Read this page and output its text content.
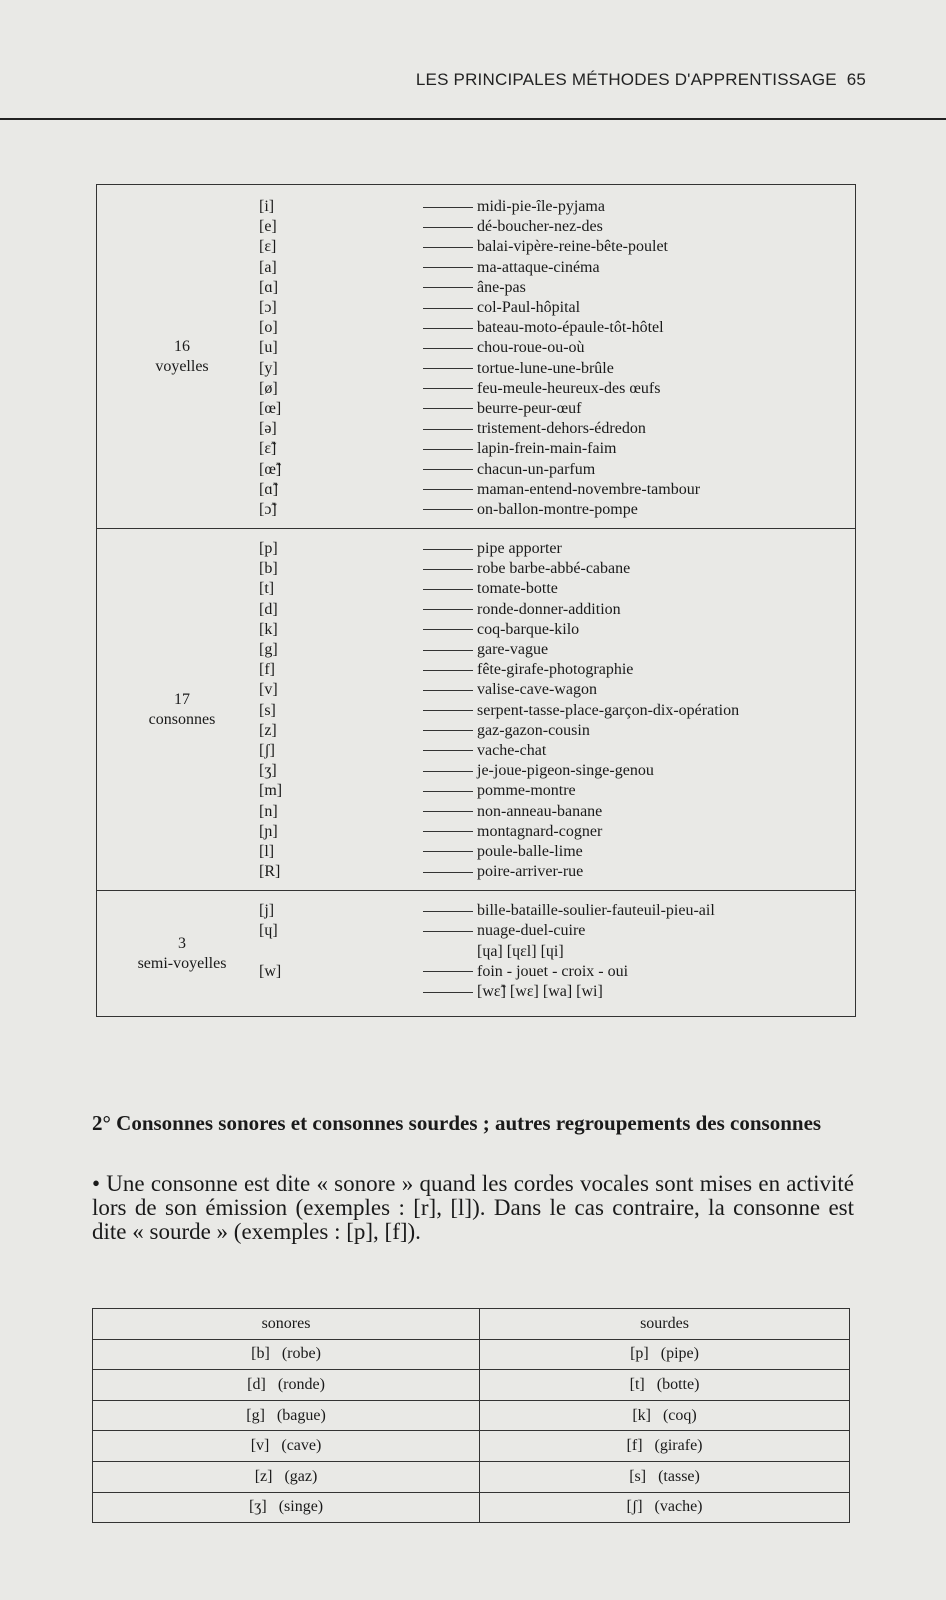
LES PRINCIPALES MÉTHODES D'APPRENTISSAGE 65
16
voyelles
[i]	midi-pie-île-pyjama
[e]	dé-boucher-nez-des
[ɛ]	balai-vipère-reine-bête-poulet
[a]	ma-attaque-cinéma
[ɑ]	âne-pas
[ɔ]	col-Paul-hôpital
[o]	bateau-moto-épaule-tôt-hôtel
[u]	chou-roue-ou-où
[y]	tortue-lune-une-brûle
[ø]	feu-meule-heureux-des œufs
[œ]	beurre-peur-œuf
[ə]	tristement-dehors-édredon
[ɛ̃]	lapin-frein-main-faim
[œ̃]	chacun-un-parfum
[ɑ̃]	maman-entend-novembre-tambour
[ɔ̃]	on-ballon-montre-pompe
17
consonnes
[p]	pipe apporter
[b]	robe barbe-abbé-cabane
[t]	tomate-botte
[d]	ronde-donner-addition
[k]	coq-barque-kilo
[g]	gare-vague
[f]	fête-girafe-photographie
[v]	valise-cave-wagon
[s]	serpent-tasse-place-garçon-dix-opération
[z]	gaz-gazon-cousin
[ʃ]	vache-chat
[ʒ]	je-joue-pigeon-singe-genou
[m]	pomme-montre
[n]	non-anneau-banane
[ɲ]	montagnard-cogner
[l]	poule-balle-lime
[R]	poire-arriver-rue
3
semi-voyelles
[j]	bille-bataille-soulier-fauteuil-pieu-ail
[ɥ]	nuage-duel-cuire
[ɥa] [ɥɛl] [ɥi]
[w]	foin - jouet - croix - oui
[wɛ̃] [wɛ] [wa] [wi]
2° Consonnes sonores et consonnes sourdes ; autres regroupements des consonnes

• Une consonne est dite « sonore » quand les cordes vocales sont mises en activité lors de son émission (exemples : [r], [l]). Dans le cas contraire, la consonne est dite « sourde » (exemples : [p], [f]).

sonores	sourdes
[b]   (robe)	[p]   (pipe)
[d]   (ronde)	[t]   (botte)
[g]   (bague)	[k]   (coq)
[v]   (cave)	[f]   (girafe)
[z]   (gaz)	[s]   (tasse)
[ʒ]   (singe)	[ʃ]   (vache)
